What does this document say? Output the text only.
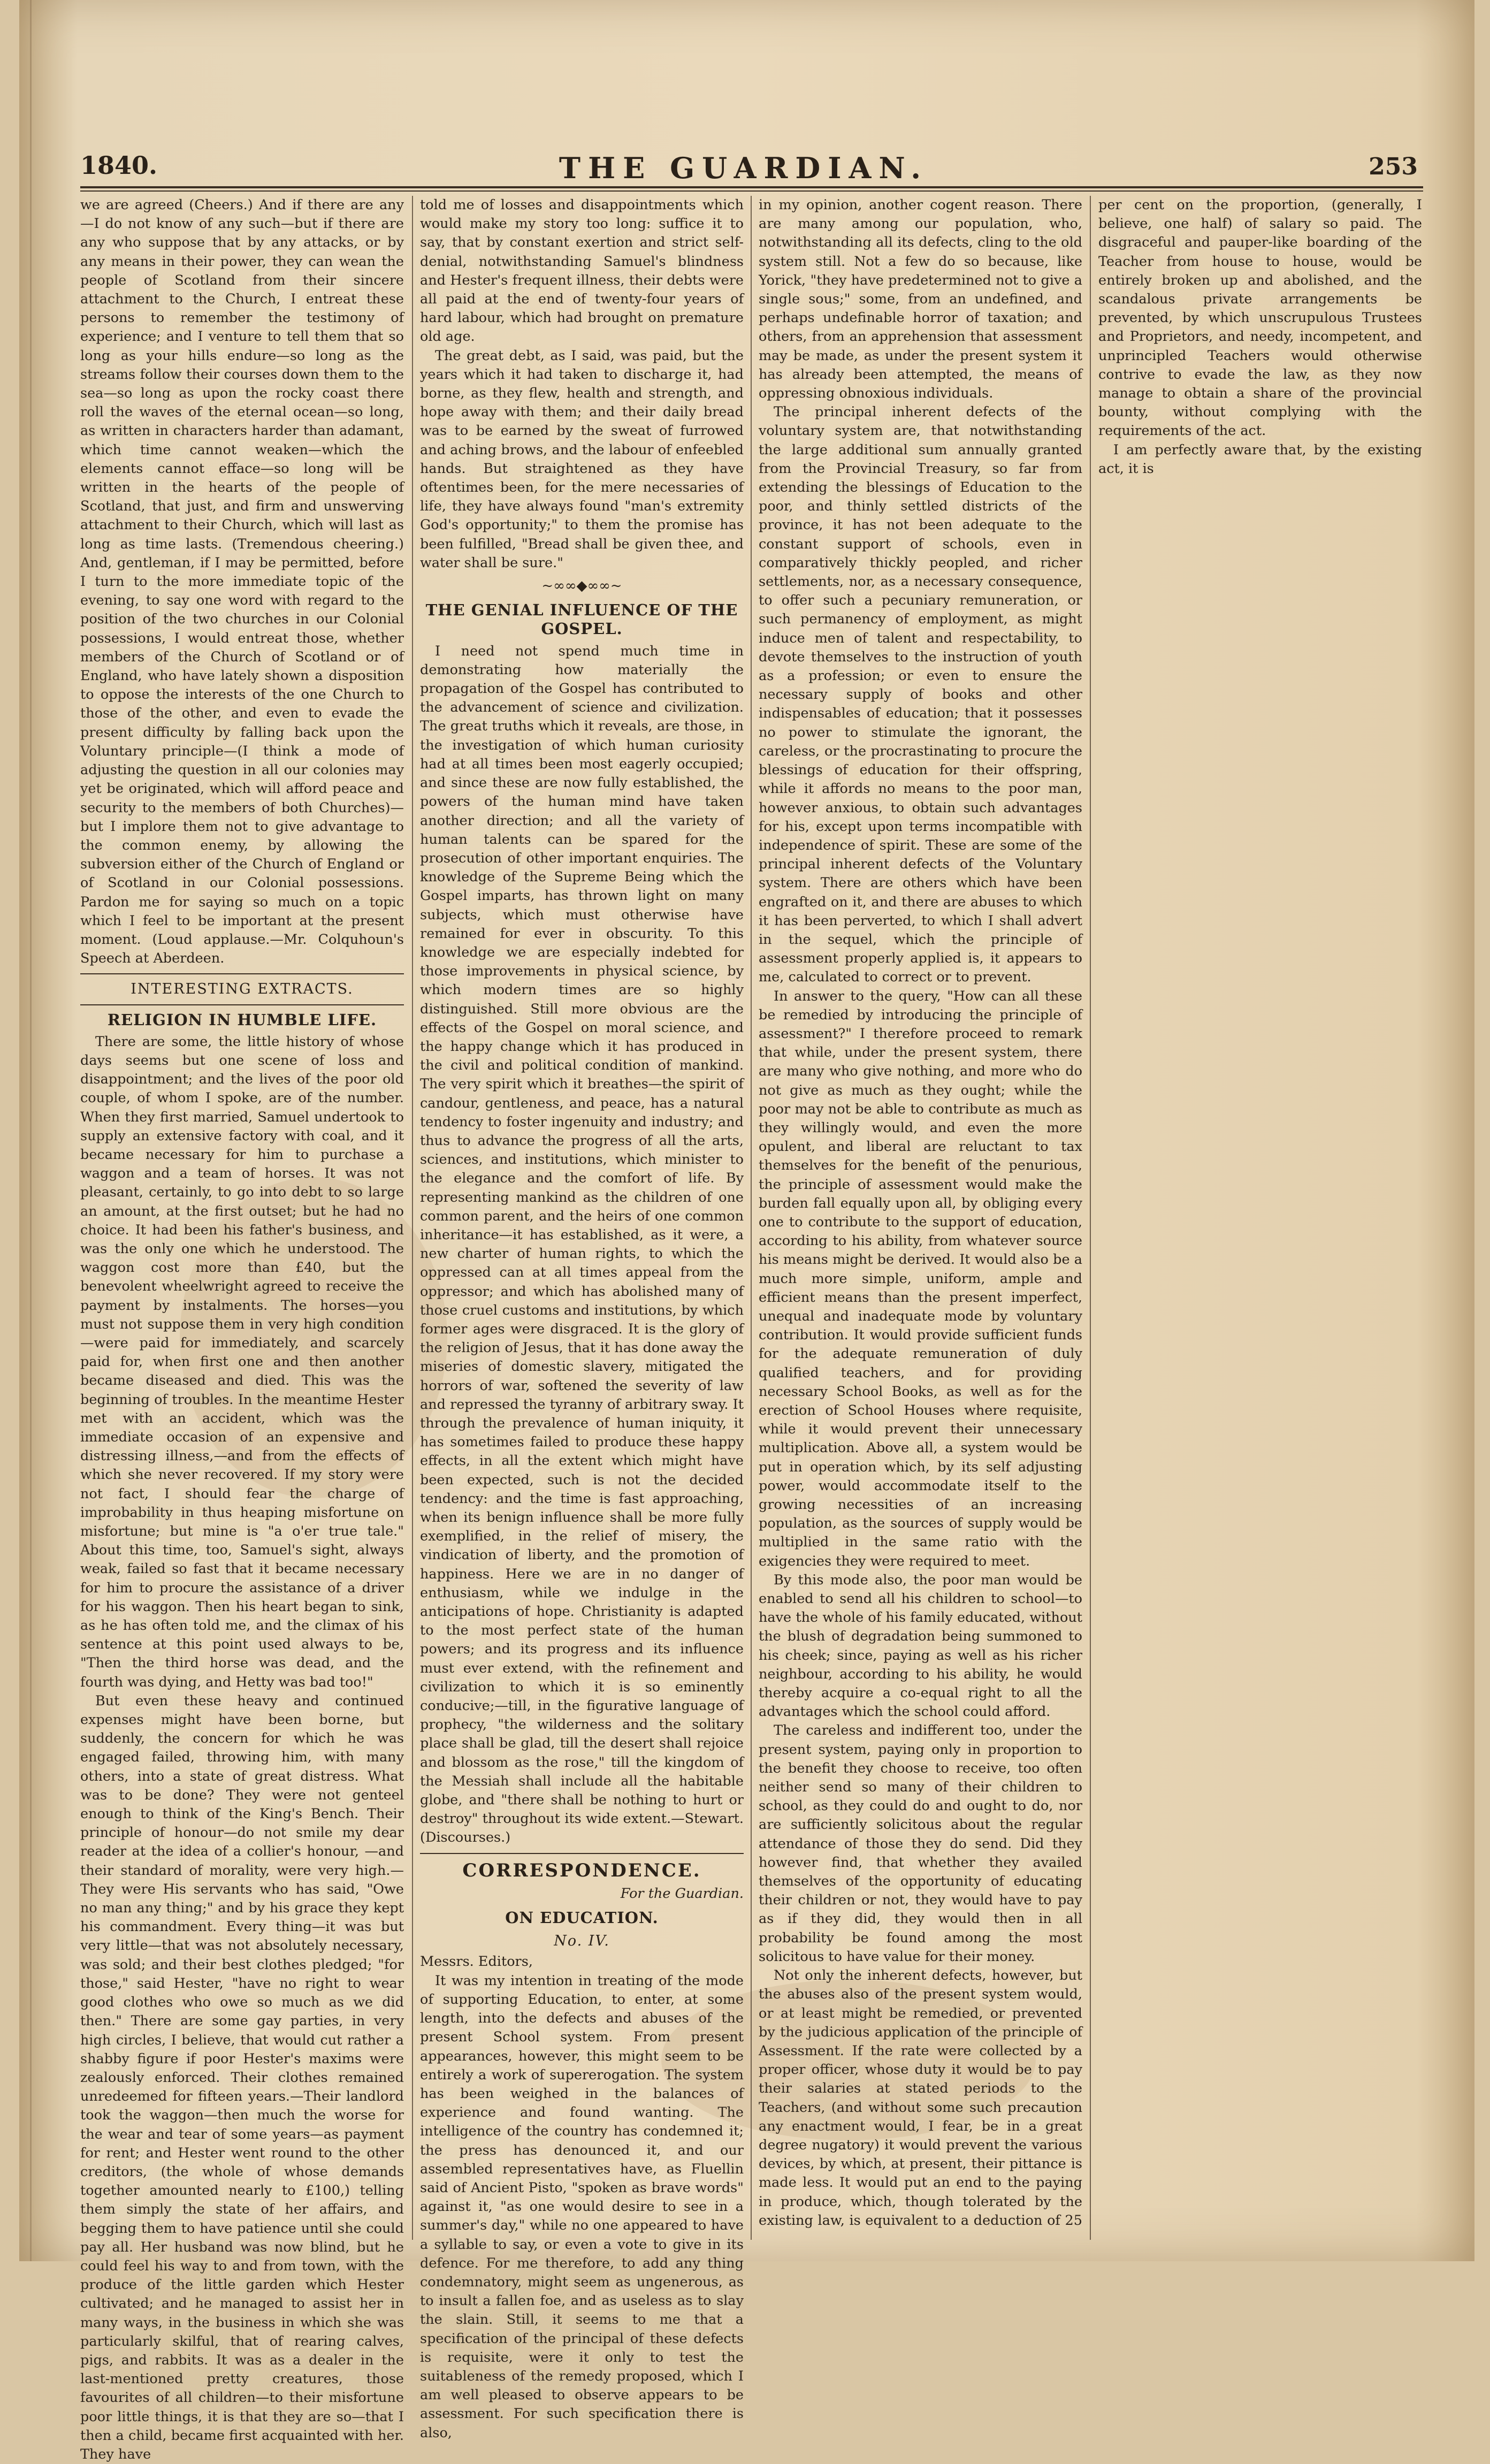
1840.	THE GUARDIAN.	253

we are agreed (Cheers.) And if there are any—I do not know of any such—but if there are any who suppose that by any attacks, or by any means in their power, they can wean the people of Scotland from their sincere attachment to the Church, I entreat these persons to remember the testimony of experience; and I venture to tell them that so long as your hills endure—so long as the streams follow their courses down them to the sea—so long as upon the rocky coast there roll the waves of the eternal ocean—so long, as written in characters harder than adamant, which time cannot weaken—which the elements cannot efface—so long will be written in the hearts of the people of Scotland, that just, and firm and unswerving attachment to their Church, which will last as long as time lasts. (Tremendous cheering.) And, gentleman, if I may be permitted, before I turn to the more immediate topic of the evening, to say one word with regard to the position of the two churches in our Colonial possessions, I would entreat those, whether members of the Church of Scotland or of England, who have lately shown a disposition to oppose the interests of the one Church to those of the other, and even to evade the present difficulty by falling back upon the Voluntary principle—(I think a mode of adjusting the question in all our colonies may yet be originated, which will afford peace and security to the members of both Churches)—but I implore them not to give advantage to the common enemy, by allowing the subversion either of the Church of England or of Scotland in our Colonial possessions. Pardon me for saying so much on a topic which I feel to be important at the present moment. (Loud applause.—Mr. Colquhoun's Speech at Aberdeen.

INTERESTING EXTRACTS.
RELIGION IN HUMBLE LIFE.

There are some, the little history of whose days seems but one scene of loss and disappointment; and the lives of the poor old couple, of whom I spoke, are of the number. When they first married, Samuel undertook to supply an extensive factory with coal, and it became necessary for him to purchase a waggon and a team of horses. It was not pleasant, certainly, to go into debt to so large an amount, at the first outset; but he had no choice. It had been his father's business, and was the only one which he understood. The waggon cost more than £40, but the benevolent wheelwright agreed to receive the payment by instalments. The horses—you must not suppose them in very high condition—were paid for immediately, and scarcely paid for, when first one and then another became diseased and died. This was the beginning of troubles. In the meantime Hester met with an accident, which was the immediate occasion of an expensive and distressing illness,—and from the effects of which she never recovered. If my story were not fact, I should fear the charge of improbability in thus heaping misfortune on misfortune; but mine is "a o'er true tale." About this time, too, Samuel's sight, always weak, failed so fast that it became necessary for him to procure the assistance of a driver for his waggon. Then his heart began to sink, as he has often told me, and the climax of his sentence at this point used always to be, "Then the third horse was dead, and the fourth was dying, and Hetty was bad too!"

But even these heavy and continued expenses might have been borne, but suddenly, the concern for which he was engaged failed, throwing him, with many others, into a state of great distress. What was to be done? They were not genteel enough to think of the King's Bench. Their principle of honour—do not smile my dear reader at the idea of a collier's honour, —and their standard of morality, were very high.—They were His servants who has said, "Owe no man any thing;" and by his grace they kept his commandment. Every thing—it was but very little—that was not absolutely necessary, was sold; and their best clothes pledged; "for those," said Hester, "have no right to wear good clothes who owe so much as we did then." There are some gay parties, in very high circles, I believe, that would cut rather a shabby figure if poor Hester's maxims were zealously enforced. Their clothes remained unredeemed for fifteen years.—Their landlord took the waggon—then much the worse for the wear and tear of some years—as payment for rent; and Hester went round to the other creditors, (the whole of whose demands together amounted nearly to £100,) telling them simply the state of her affairs, and begging them to have patience until she could pay all. Her husband was now blind, but he could feel his way to and from town, with the produce of the little garden which Hester cultivated; and he managed to assist her in many ways, in the business in which she was particularly skilful, that of rearing calves, pigs, and rabbits. It was as a dealer in the last-mentioned pretty creatures, those favourites of all children—to their misfortune poor little things, it is that they are so—that I then a child, became first acquainted with her. They have

told me of losses and disappointments which would make my story too long: suffice it to say, that by constant exertion and strict self-denial, notwithstanding Samuel's blindness and Hester's frequent illness, their debts were all paid at the end of twenty-four years of hard labour, which had brought on premature old age.

The great debt, as I said, was paid, but the years which it had taken to discharge it, had borne, as they flew, health and strength, and hope away with them; and their daily bread was to be earned by the sweat of furrowed and aching brows, and the labour of enfeebled hands. But straightened as they have oftentimes been, for the mere necessaries of life, they have always found "man's extremity God's opportunity;" to them the promise has been fulfilled, "Bread shall be given thee, and water shall be sure."

~∞∞◆∞∞~
THE GENIAL INFLUENCE OF THE GOSPEL.

I need not spend much time in demonstrating how materially the propagation of the Gospel has contributed to the advancement of science and civilization. The great truths which it reveals, are those, in the investigation of which human curiosity had at all times been most eagerly occupied; and since these are now fully established, the powers of the human mind have taken another direction; and all the variety of human talents can be spared for the prosecution of other important enquiries. The knowledge of the Supreme Being which the Gospel imparts, has thrown light on many subjects, which must otherwise have remained for ever in obscurity. To this knowledge we are especially indebted for those improvements in physical science, by which modern times are so highly distinguished. Still more obvious are the effects of the Gospel on moral science, and the happy change which it has produced in the civil and political condition of mankind. The very spirit which it breathes—the spirit of candour, gentleness, and peace, has a natural tendency to foster ingenuity and industry; and thus to advance the progress of all the arts, sciences, and institutions, which minister to the elegance and the comfort of life. By representing mankind as the children of one common parent, and the heirs of one common inheritance—it has established, as it were, a new charter of human rights, to which the oppressed can at all times appeal from the oppressor; and which has abolished many of those cruel customs and institutions, by which former ages were disgraced. It is the glory of the religion of Jesus, that it has done away the miseries of domestic slavery, mitigated the horrors of war, softened the severity of law and repressed the tyranny of arbitrary sway. It through the prevalence of human iniquity, it has sometimes failed to produce these happy effects, in all the extent which might have been expected, such is not the decided tendency: and the time is fast approaching, when its benign influence shall be more fully exemplified, in the relief of misery, the vindication of liberty, and the promotion of happiness. Here we are in no danger of enthusiasm, while we indulge in the anticipations of hope. Christianity is adapted to the most perfect state of the human powers; and its progress and its influence must ever extend, with the refinement and civilization to which it is so eminently conducive;—till, in the figurative language of prophecy, "the wilderness and the solitary place shall be glad, till the desert shall rejoice and blossom as the rose," till the kingdom of the Messiah shall include all the habitable globe, and "there shall be nothing to hurt or destroy" throughout its wide extent.—Stewart. (Discourses.)

CORRESPONDENCE.
For the Guardian.
ON EDUCATION.
No. IV.

Messrs. Editors,

It was my intention in treating of the mode of supporting Education, to enter, at some length, into the defects and abuses of the present School system. From present appearances, however, this might seem to be entirely a work of supererogation. The system has been weighed in the balances of experience and found wanting. The intelligence of the country has condemned it; the press has denounced it, and our assembled representatives have, as Fluellin said of Ancient Pisto, "spoken as brave words" against it, "as one would desire to see in a summer's day," while no one appeared to have a syllable to say, or even a vote to give in its defence. For me therefore, to add any thing condemnatory, might seem as ungenerous, as to insult a fallen foe, and as useless as to slay the slain. Still, it seems to me that a specification of the principal of these defects is requisite, were it only to test the suitableness of the remedy proposed, which I am well pleased to observe appears to be assessment. For such specification there is also,

in my opinion, another cogent reason. There are many among our population, who, notwithstanding all its defects, cling to the old system still. Not a few do so because, like Yorick, "they have predetermined not to give a single sous;" some, from an undefined, and perhaps undefinable horror of taxation; and others, from an apprehension that assessment may be made, as under the present system it has already been attempted, the means of oppressing obnoxious individuals.

The principal inherent defects of the voluntary system are, that notwithstanding the large additional sum annually granted from the Provincial Treasury, so far from extending the blessings of Education to the poor, and thinly settled districts of the province, it has not been adequate to the constant support of schools, even in comparatively thickly peopled, and richer settlements, nor, as a necessary consequence, to offer such a pecuniary remuneration, or such permanency of employment, as might induce men of talent and respectability, to devote themselves to the instruction of youth as a profession; or even to ensure the necessary supply of books and other indispensables of education; that it possesses no power to stimulate the ignorant, the careless, or the procrastinating to procure the blessings of education for their offspring, while it affords no means to the poor man, however anxious, to obtain such advantages for his, except upon terms incompatible with independence of spirit. These are some of the principal inherent defects of the Voluntary system. There are others which have been engrafted on it, and there are abuses to which it has been perverted, to which I shall advert in the sequel, which the principle of assessment properly applied is, it appears to me, calculated to correct or to prevent.

In answer to the query, "How can all these be remedied by introducing the principle of assessment?" I therefore proceed to remark that while, under the present system, there are many who give nothing, and more who do not give as much as they ought; while the poor may not be able to contribute as much as they willingly would, and even the more opulent, and liberal are reluctant to tax themselves for the benefit of the penurious, the principle of assessment would make the burden fall equally upon all, by obliging every one to contribute to the support of education, according to his ability, from whatever source his means might be derived. It would also be a much more simple, uniform, ample and efficient means than the present imperfect, unequal and inadequate mode by voluntary contribution. It would provide sufficient funds for the adequate remuneration of duly qualified teachers, and for providing necessary School Books, as well as for the erection of School Houses where requisite, while it would prevent their unnecessary multiplication. Above all, a system would be put in operation which, by its self adjusting power, would accommodate itself to the growing necessities of an increasing population, as the sources of supply would be multiplied in the same ratio with the exigencies they were required to meet.

By this mode also, the poor man would be enabled to send all his children to school—to have the whole of his family educated, without the blush of degradation being summoned to his cheek; since, paying as well as his richer neighbour, according to his ability, he would thereby acquire a co-equal right to all the advantages which the school could afford.

The careless and indifferent too, under the present system, paying only in proportion to the benefit they choose to receive, too often neither send so many of their children to school, as they could do and ought to do, nor are sufficiently solicitous about the regular attendance of those they do send. Did they however find, that whether they availed themselves of the opportunity of educating their children or not, they would have to pay as if they did, they would then in all probability be found among the most solicitous to have value for their money.

Not only the inherent defects, however, but the abuses also of the present system would, or at least might be remedied, or prevented by the judicious application of the principle of Assessment. If the rate were collected by a proper officer, whose duty it would be to pay their salaries at stated periods to the Teachers, (and without some such precaution any enactment would, I fear, be in a great degree nugatory) it would prevent the various devices, by which, at present, their pittance is made less. It would put an end to the paying in produce, which, though tolerated by the existing law, is equivalent to a deduction of 25 per cent on the proportion, (generally, I believe, one half) of salary so paid. The disgraceful and pauper-like boarding of the Teacher from house to house, would be entirely broken up and abolished, and the scandalous private arrangements be prevented, by which unscrupulous Trustees and Proprietors, and needy, incompetent, and unprincipled Teachers would otherwise contrive to evade the law, as they now manage to obtain a share of the provincial bounty, without complying with the requirements of the act.

I am perfectly aware that, by the existing act, it is
